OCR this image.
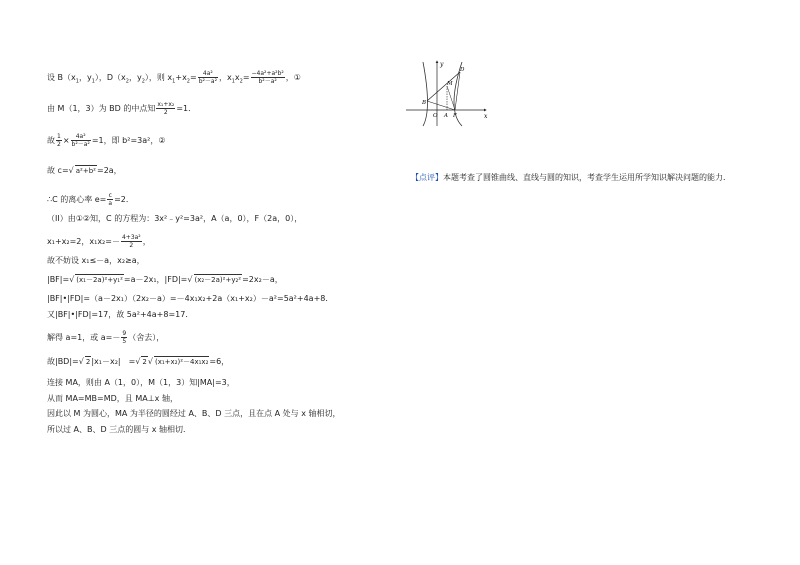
设 $B(x_1$，$y_1$），$D(x_2$，$y_2$），则 $x_1+x_2= \frac{\text{4a²}}{\text{b²－a²}}$ ，$x_1x_2= \frac{\text{−4a²+a²b²}}{\text{b²－a²}}$ ，①
由 M（1，3）为 BD 的中点知 $\frac{\text{x₁+x₂}}{2} =1$．
故 $\frac{1}{2} \times \frac{\text{4a²}}{\text{b²－a²}} =1$，即 b²=3a²，②
故 c=√ a²+b²=2a，
∴C 的离心率 $e= \frac{c}{a} =2$．
（II）由①②知，C 的方程为：3x²﹣y²=3a²，A（a，0），F（2a，0），
x₁+x₂=2，$x_1x_2=- \frac{\text{4+3a²}}{2}$ ，
故不妨设 x₁≤－a，x₂≥a，
|BF|=√ (x₁－2a)²+y₁²=a－2x₁，|FD|=√ (x₂－2a)²+y₂²=2x₂－a，
|BF|•|FD|=（a－2x₁）（2x₂－a）=－4x₁x₂+2a（x₁+x₂）－a²=5a²+4a+8．
又|BF|•|FD|=17，故 5a²+4a+8=17．
解得 a=1，或 $a=- \frac{9}{5}$ （舍去），
故|BD|=√ 2|x₁－x₂|　=√ 2√ (x₁+x₂)²－4x₁x₂=6，
连接 MA，则由 A（1，0），M（1，3）知|MA|=3，
从而 MA=MB=MD，且 MA⊥x 轴，
因此以 M 为圆心，MA 为半径的圆经过 A、B、D 三点，且在点 A 处与 x 轴相切，
所以过 A、B、D 三点的圆与 x 轴相切．
y
x
D
M
B
O A F
【点评】本题考查了圆锥曲线、直线与圆的知识，考查学生运用所学知识解决问题的能力．
